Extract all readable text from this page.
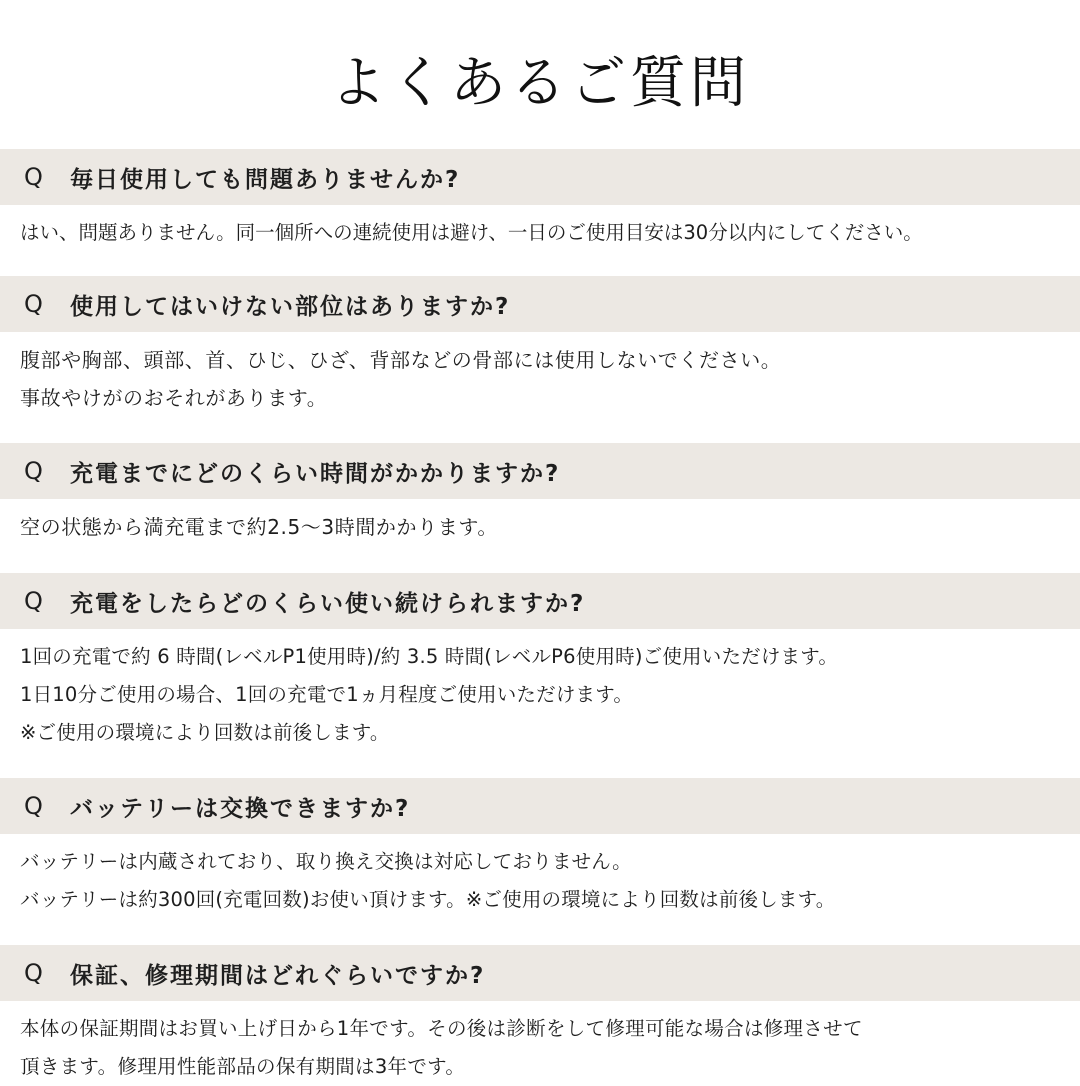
よくあるご質問
Q	毎日使用しても問題ありませんか?
はい、問題ありません。同一個所への連続使用は避け、一日のご使用目安は30分以内にしてください。
Q	使用してはいけない部位はありますか?
腹部や胸部、頭部、首、ひじ、ひざ、背部などの骨部には使用しないでください。
事故やけがのおそれがあります。
Q	充電までにどのくらい時間がかかりますか?
空の状態から満充電まで約2.5～3時間かかります。
Q	充電をしたらどのくらい使い続けられますか?
1回の充電で約 6 時間(レベルP1使用時)/約 3.5 時間(レベルP6使用時)ご使用いただけます。
1日10分ご使用の場合、1回の充電で1ヵ月程度ご使用いただけます。
※ご使用の環境により回数は前後します。
Q	バッテリーは交換できますか?
バッテリーは内蔵されており、取り換え交換は対応しておりません。
バッテリーは約300回(充電回数)お使い頂けます。※ご使用の環境により回数は前後します。
Q	保証、修理期間はどれぐらいですか?
本体の保証期間はお買い上げ日から1年です。その後は診断をして修理可能な場合は修理させて
頂きます。修理用性能部品の保有期間は3年です。
